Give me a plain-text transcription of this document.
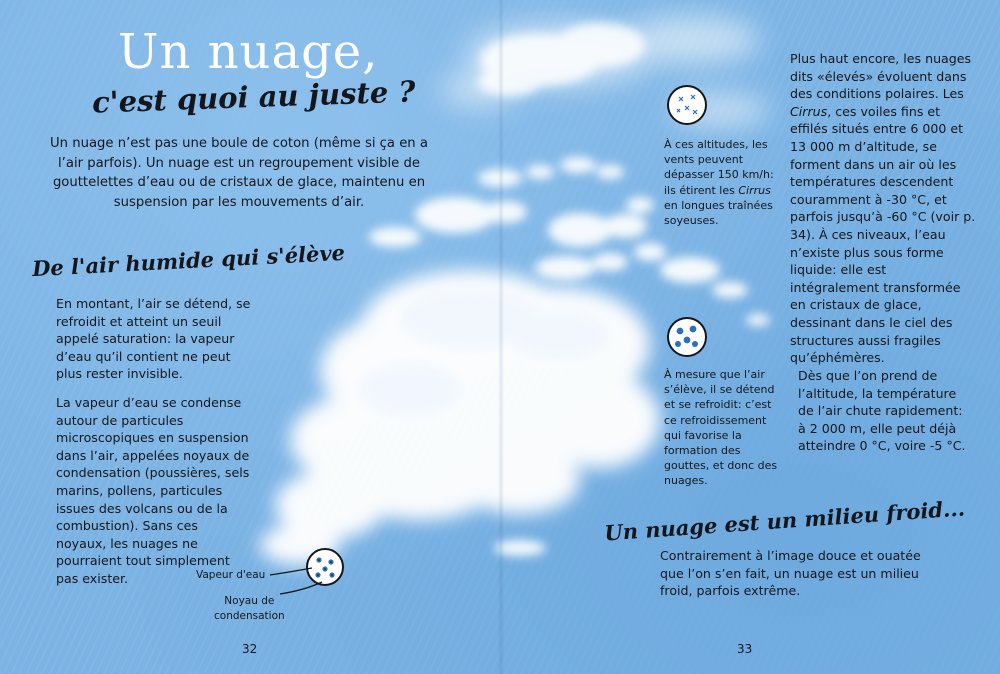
Un nuage,
c'est quoi au juste ?
Un nuage n’est pas une boule de coton (même si ça en a l’air parfois). Un nuage est un regroupement visible de gouttelettes d’eau ou de cristaux de glace, maintenu en suspension par les mouvements d’air.
De l'air humide qui s'élève
En montant, l’air se détend, se refroidit et atteint un seuil appelé saturation: la vapeur d’eau qu’il contient ne peut plus rester invisible.
La vapeur d’eau se condense autour de particules microscopiques en suspension dans l’air, appelées noyaux de condensation (poussières, sels marins, pollens, particules issues des volcans ou de la combustion). Sans ces noyaux, les nuages ne pourraient tout simplement pas exister.	Vapeur d'eau
Noyau de
condensation
32
À ces altitudes, les vents peuvent dépasser 150 km/h: ils étirent les Cirrus en longues traînées soyeuses.
Plus haut encore, les nuages dits «élevés» évoluent dans des conditions polaires. Les Cirrus, ces voiles fins et effilés situés entre 6 000 et 13 000 m d’altitude, se forment dans un air où les températures descendent couramment à -30 °C, et parfois jusqu’à -60 °C (voir p. 34). À ces niveaux, l’eau n’existe plus sous forme liquide: elle est intégralement transformée en cristaux de glace, dessinant dans le ciel des structures aussi fragiles qu’éphémères.
À mesure que l’air s’élève, il se détend et se refroidit: c’est ce refroidissement qui favorise la formation des gouttes, et donc des nuages.
Dès que l’on prend de l’altitude, la température de l’air chute rapidement: à 2 000 m, elle peut déjà atteindre 0 °C, voire -5 °C.
Un nuage est un milieu froid...
Contrairement à l’image douce et ouatée que l’on s’en fait, un nuage est un milieu froid, parfois extrême.
33
